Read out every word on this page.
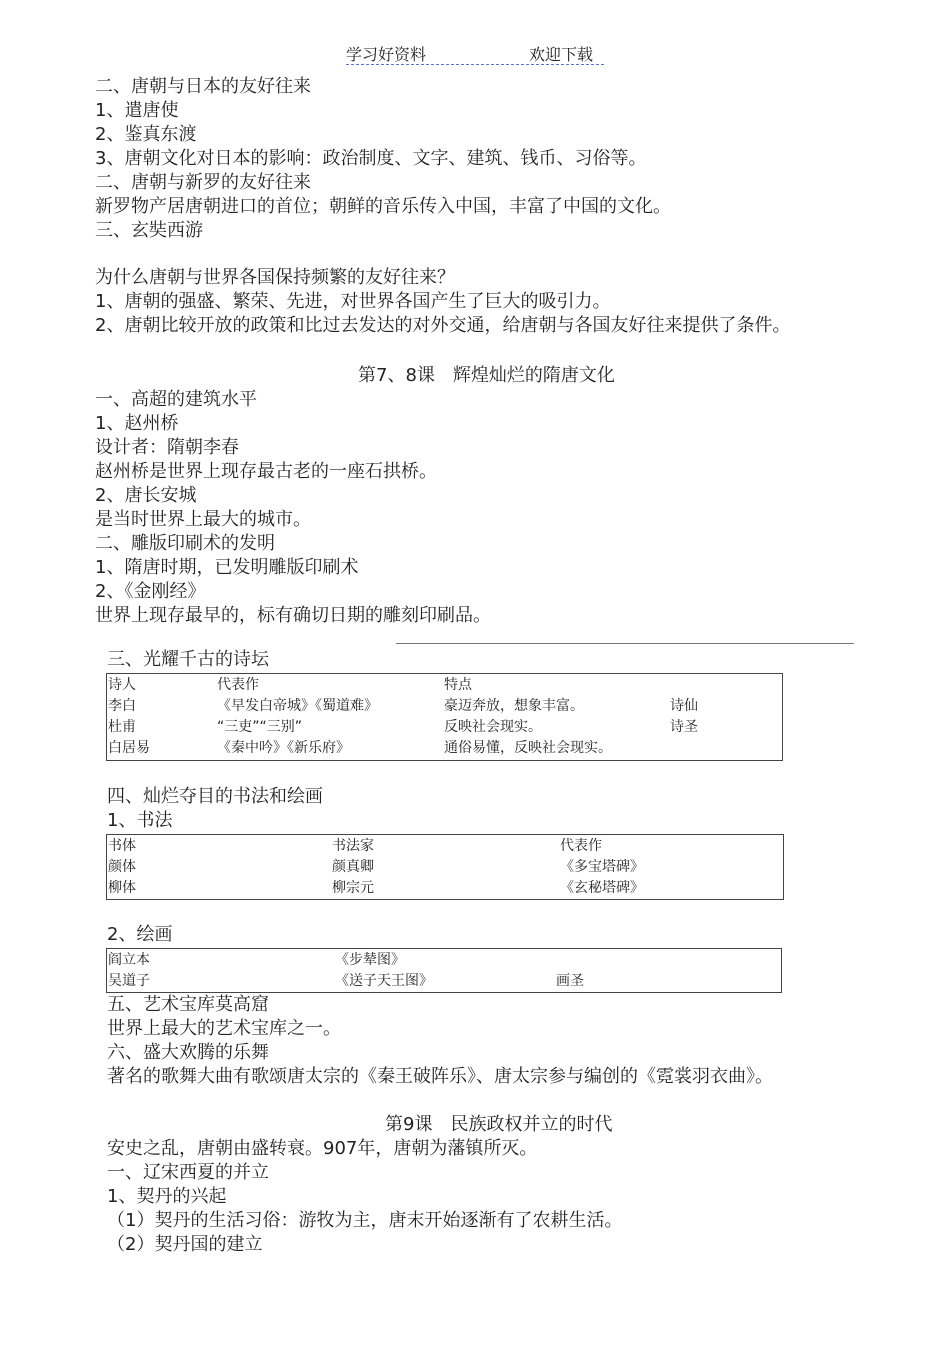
学习好资料	欢迎下载
二、唐朝与日本的友好往来
1、遣唐使
2、鉴真东渡
3、唐朝文化对日本的影响：政治制度、文字、建筑、钱币、习俗等。
二、唐朝与新罗的友好往来
新罗物产居唐朝进口的首位；朝鲜的音乐传入中国，丰富了中国的文化。
三、玄奘西游
为什么唐朝与世界各国保持频繁的友好往来？
1、唐朝的强盛、繁荣、先进，对世界各国产生了巨大的吸引力。
2、唐朝比较开放的政策和比过去发达的对外交通，给唐朝与各国友好往来提供了条件。
第7、8课　辉煌灿烂的隋唐文化
一、高超的建筑水平
1、赵州桥
设计者：隋朝李春
赵州桥是世界上现存最古老的一座石拱桥。
2、唐长安城
是当时世界上最大的城市。
二、雕版印刷术的发明
1、隋唐时期，已发明雕版印刷术
2、《金刚经》
世界上现存最早的，标有确切日期的雕刻印刷品。
三、光耀千古的诗坛
诗人	代表作	特点
李白	《早发白帝城》《蜀道难》	豪迈奔放，想象丰富。	诗仙
杜甫	“三吏”“三别”	反映社会现实。	诗圣
白居易	《秦中吟》《新乐府》	通俗易懂，反映社会现实。
四、灿烂夺目的书法和绘画
1、书法
书体	书法家	代表作
颜体	颜真卿	《多宝塔碑》
柳体	柳宗元	《玄秘塔碑》
2、绘画
阎立本	《步辇图》
吴道子	《送子天王图》	画圣
五、艺术宝库莫高窟
世界上最大的艺术宝库之一。
六、盛大欢腾的乐舞
著名的歌舞大曲有歌颂唐太宗的《秦王破阵乐》、唐太宗参与编创的《霓裳羽衣曲》。
第9课　民族政权并立的时代
安史之乱，唐朝由盛转衰。907年，唐朝为藩镇所灭。
一、辽宋西夏的并立
1、契丹的兴起
（1）契丹的生活习俗：游牧为主，唐末开始逐渐有了农耕生活。
（2）契丹国的建立
